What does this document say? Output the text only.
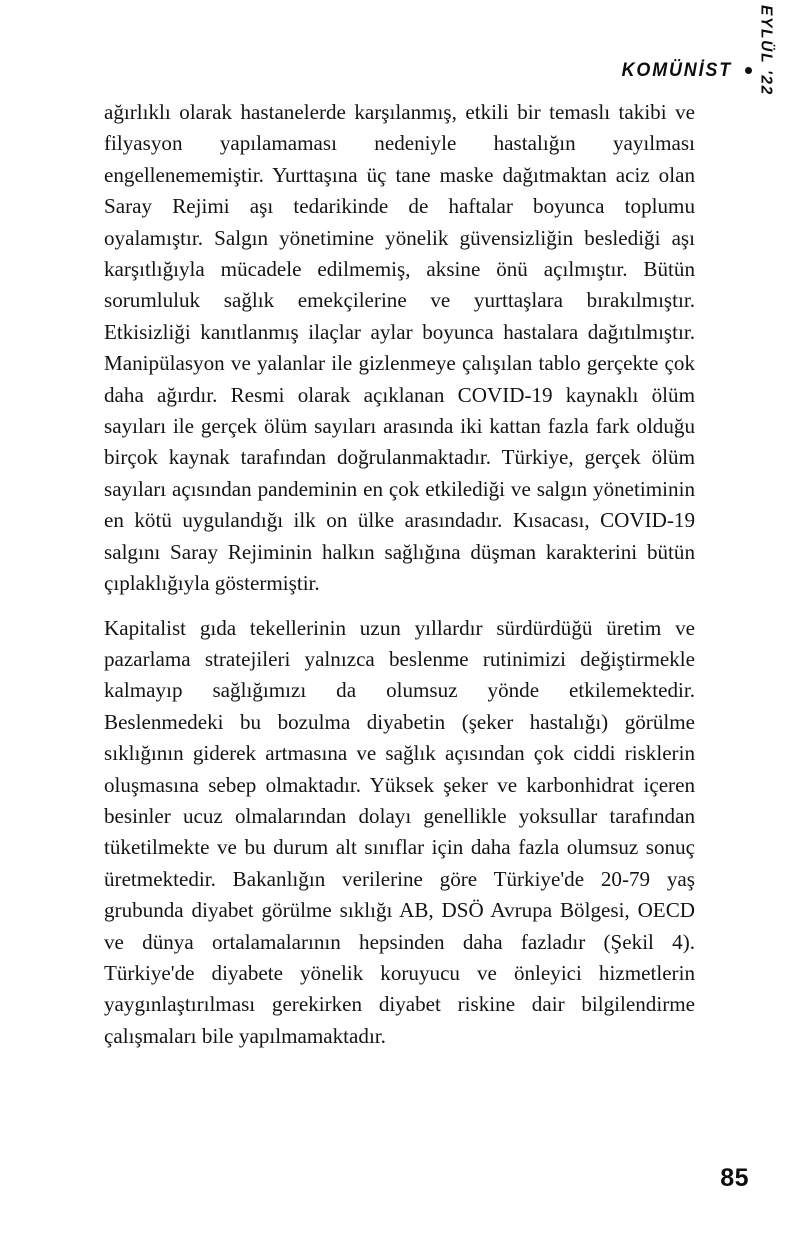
KOMÜNİST EYLÜL '22

ağırlıklı olarak hastanelerde karşılanmış, etkili bir temaslı takibi ve filyasyon yapılamaması nedeniyle hastalığın yayılması engellenememiştir. Yurttaşına üç tane maske dağıtmaktan aciz olan Saray Rejimi aşı tedarikinde de haftalar boyunca toplumu oyalamıştır. Salgın yönetimine yönelik güvensizliğin beslediği aşı karşıtlığıyla mücadele edilmemiş, aksine önü açılmıştır. Bütün sorumluluk sağlık emekçilerine ve yurttaşlara bırakılmıştır. Etkisizliği kanıtlanmış ilaçlar aylar boyunca hastalara dağıtılmıştır. Manipülasyon ve yalanlar ile gizlenmeye çalışılan tablo gerçekte çok daha ağırdır. Resmi olarak açıklanan COVID-19 kaynaklı ölüm sayıları ile gerçek ölüm sayıları arasında iki kattan fazla fark olduğu birçok kaynak tarafından doğrulanmaktadır. Türkiye, gerçek ölüm sayıları açısından pandeminin en çok etkilediği ve salgın yönetiminin en kötü uygulandığı ilk on ülke arasındadır. Kısacası, COVID-19 salgını Saray Rejiminin halkın sağlığına düşman karakterini bütün çıplaklığıyla göstermiştir.

Kapitalist gıda tekellerinin uzun yıllardır sürdürdüğü üretim ve pazarlama stratejileri yalnızca beslenme rutinimizi değiştirmekle kalmayıp sağlığımızı da olumsuz yönde etkilemektedir. Beslenmedeki bu bozulma diyabetin (şeker hastalığı) görülme sıklığının giderek artmasına ve sağlık açısından çok ciddi risklerin oluşmasına sebep olmaktadır. Yüksek şeker ve karbonhidrat içeren besinler ucuz olmalarından dolayı genellikle yoksullar tarafından tüketilmekte ve bu durum alt sınıflar için daha fazla olumsuz sonuç üretmektedir. Bakanlığın verilerine göre Türkiye'de 20-79 yaş grubunda diyabet görülme sıklığı AB, DSÖ Avrupa Bölgesi, OECD ve dünya ortalamalarının hepsinden daha fazladır (Şekil 4). Türkiye'de diyabete yönelik koruyucu ve önleyici hizmetlerin yaygınlaştırılması gerekirken diyabet riskine dair bilgilendirme çalışmaları bile yapılmamaktadır.

85
